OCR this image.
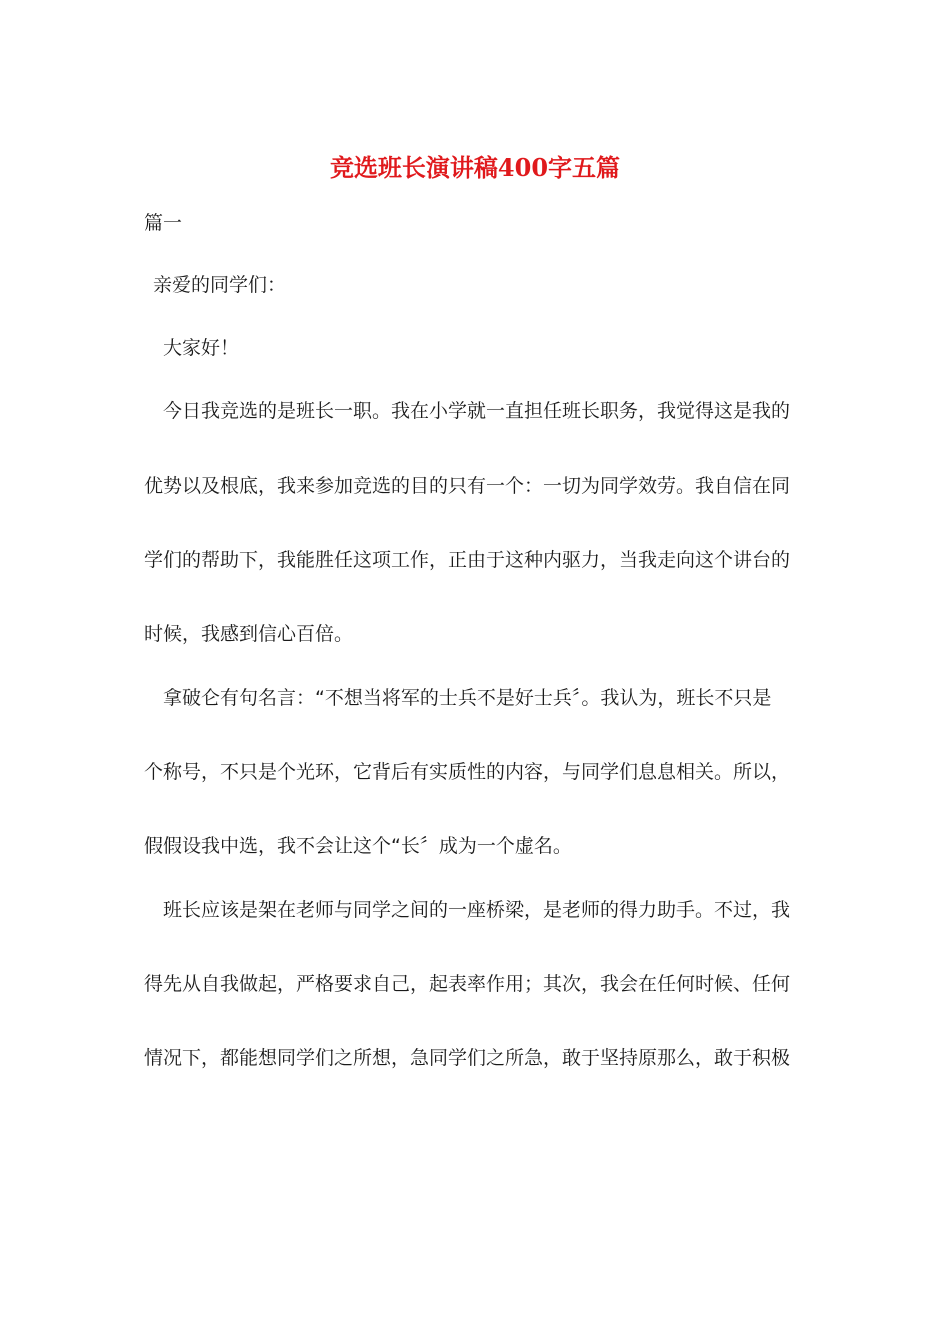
竞选班长演讲稿400字五篇

篇一

亲爱的同学们：

大家好！

今日我竞选的是班长一职。我在小学就一直担任班长职务，我觉得这是我的

优势以及根底，我来参加竞选的目的只有一个：一切为同学效劳。我自信在同

学们的帮助下，我能胜任这项工作，正由于这种内驱力，当我走向这个讲台的

时候，我感到信心百倍。

拿破仑有句名言：“不想当将军的士兵不是好士兵〞。我认为，班长不只是

个称号，不只是个光环，它背后有实质性的内容，与同学们息息相关。所以，

假假设我中选，我不会让这个“长〞成为一个虚名。

班长应该是架在老师与同学之间的一座桥梁，是老师的得力助手。不过，我

得先从自我做起，严格要求自己，起表率作用；其次，我会在任何时候、任何

情况下，都能想同学们之所想，急同学们之所急，敢于坚持原那么，敢于积极
